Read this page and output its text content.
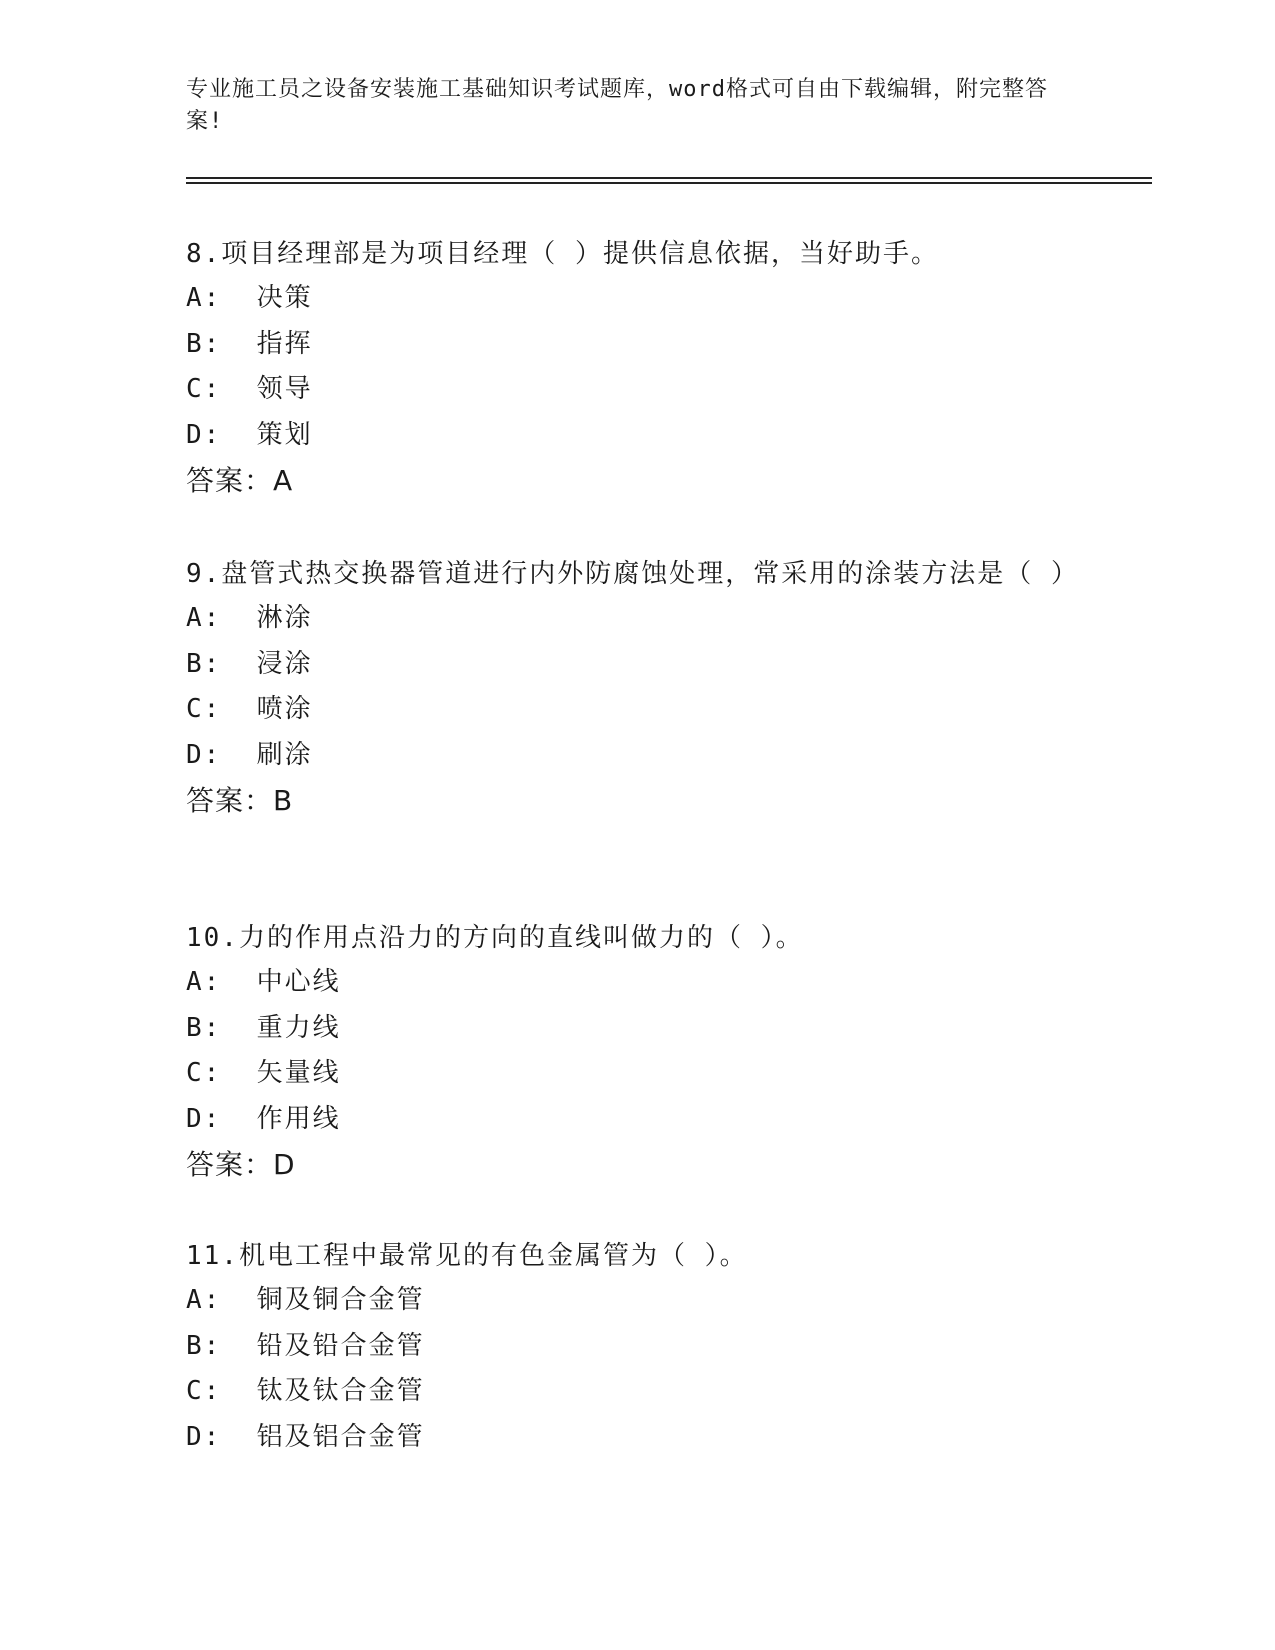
专业施工员之设备安装施工基础知识考试题库，word格式可自由下载编辑，附完整答案!

8.项目经理部是为项目经理（ ）提供信息依据，当好助手。

A:  决策

B:  指挥

C:  领导

D:  策划

答案：A

9.盘管式热交换器管道进行内外防腐蚀处理，常采用的涂装方法是（ ）

A:  淋涂

B:  浸涂

C:  喷涂

D:  刷涂

答案：B

10.力的作用点沿力的方向的直线叫做力的（ ）。

A:  中心线

B:  重力线

C:  矢量线

D:  作用线

答案：D

11.机电工程中最常见的有色金属管为（ ）。

A:  铜及铜合金管

B:  铅及铅合金管

C:  钛及钛合金管

D:  铝及铝合金管
